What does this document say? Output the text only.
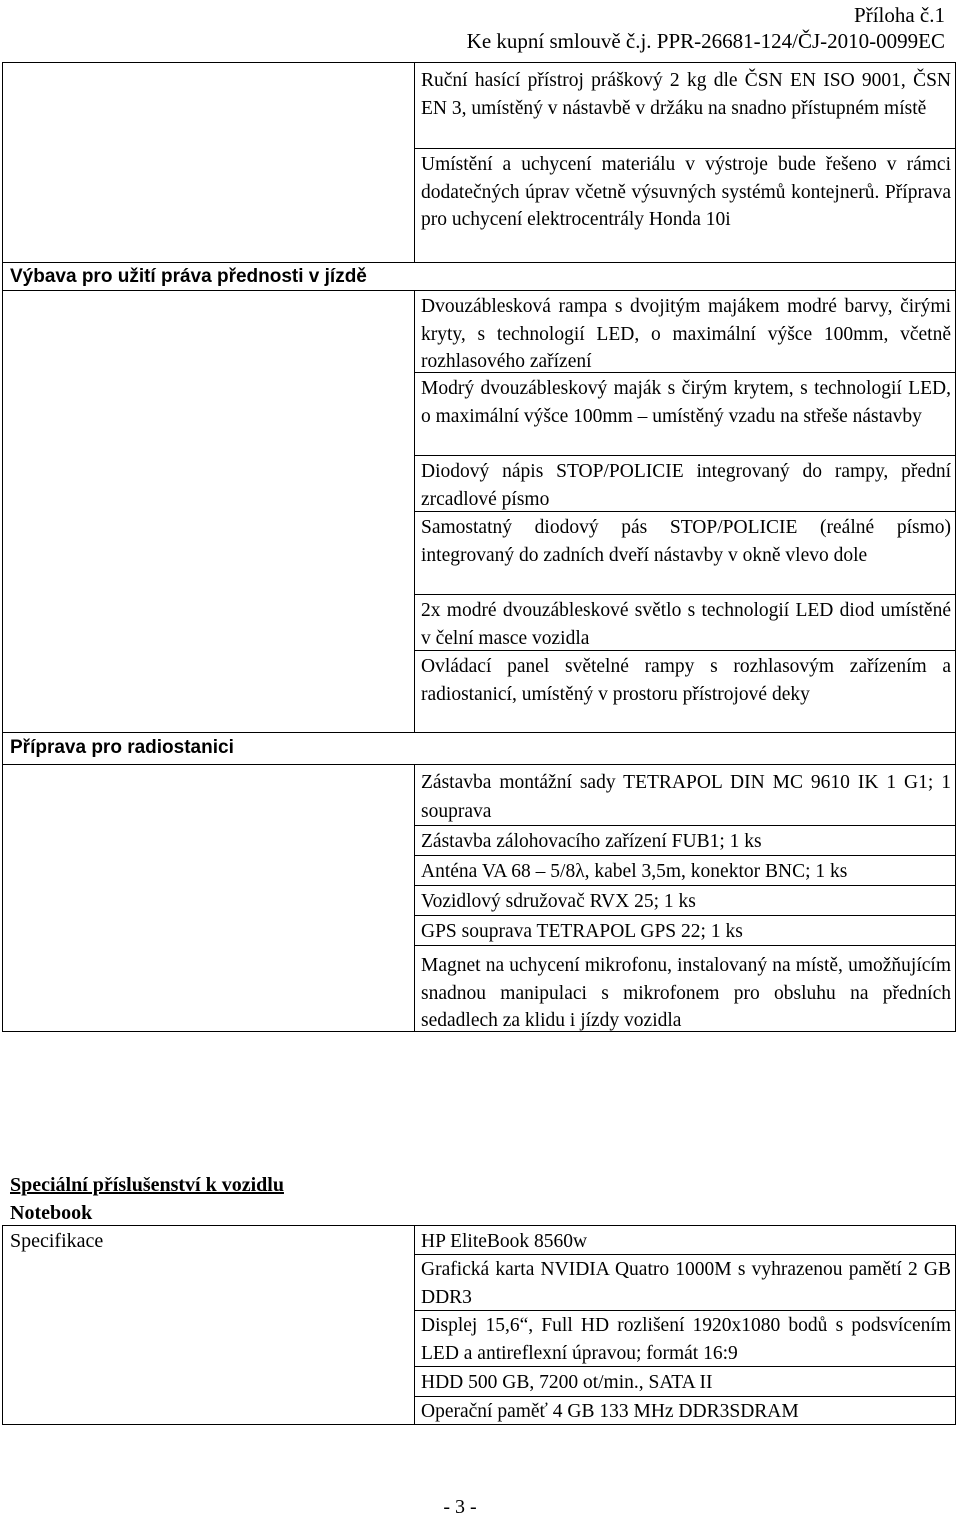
Příloha č.1
Ke kupní smlouvě č.j. PPR-26681-124/ČJ-2010-0099EC
Ruční hasící přístroj práškový 2 kg dle ČSN EN ISO 9001, ČSN EN 3, umístěný v nástavbě v držáku na snadno přístupném místě
Umístění a uchycení materiálu v výstroje bude řešeno v rámci dodatečných úprav včetně výsuvných systémů kontejnerů. Příprava pro uchycení elektrocentrály Honda 10i
Výbava pro užití práva přednosti v jízdě
Dvouzáblesková rampa s dvojitým majákem modré barvy, čirými kryty, s technologií LED, o maximální výšce 100mm, včetně rozhlasového zařízení
Modrý dvouzábleskový maják s čirým krytem, s technologií LED, o maximální výšce 100mm – umístěný vzadu na střeše nástavby
Diodový nápis STOP/POLICIE integrovaný do rampy, přední zrcadlové písmo
Samostatný diodový pás STOP/POLICIE (reálné písmo) integrovaný do zadních dveří nástavby v okně vlevo dole
2x modré dvouzábleskové světlo s technologií LED diod umístěné v čelní masce vozidla
Ovládací panel světelné rampy s rozhlasovým zařízením a radiostanicí, umístěný v prostoru přístrojové deky
Příprava pro radiostanici
Zástavba montážní sady TETRAPOL DIN MC 9610 IK 1 G1; 1 souprava
Zástavba zálohovacího zařízení FUB1; 1 ks
Anténa VA 68 – 5/8λ, kabel 3,5m, konektor BNC; 1 ks
Vozidlový sdružovač RVX 25; 1 ks
GPS souprava TETRAPOL GPS 22; 1 ks
Magnet na uchycení mikrofonu, instalovaný na místě, umožňujícím snadnou manipulaci s mikrofonem pro obsluhu na předních sedadlech za klidu i jízdy vozidla
Speciální příslušenství k vozidlu
Notebook
Specifikace	HP EliteBook 8560w
Grafická karta NVIDIA Quatro 1000M s vyhrazenou pamětí 2 GB DDR3
Displej 15,6“, Full HD rozlišení 1920x1080 bodů s podsvícením LED a antireflexní úpravou; formát 16:9
HDD 500 GB, 7200 ot/min., SATA II
Operační paměť 4 GB 133 MHz DDR3SDRAM
- 3 -
